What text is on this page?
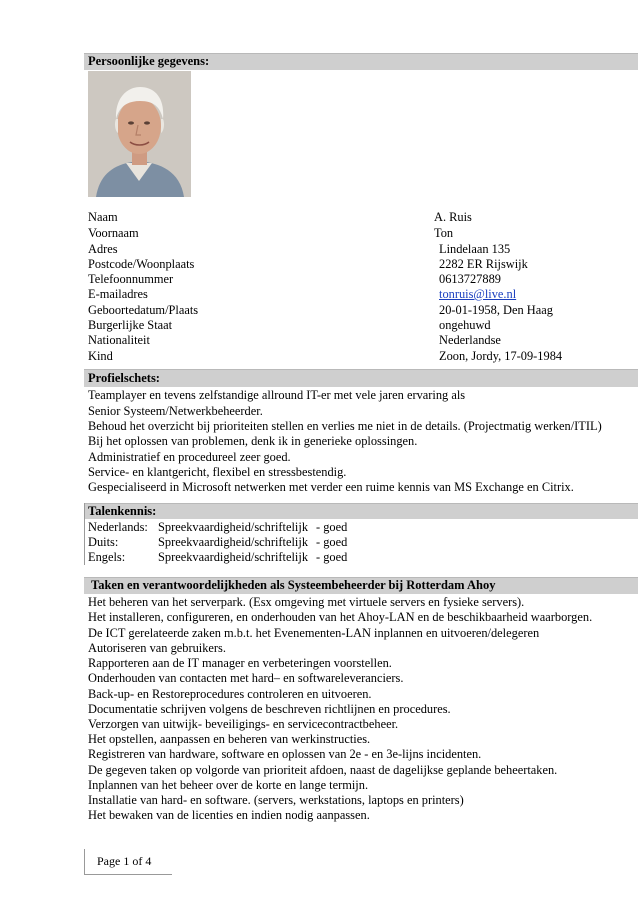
Persoonlijke gegevens:
Naam	A. Ruis
Voornaam	Ton
Adres	Lindelaan 135
Postcode/Woonplaats	2282 ER Rijswijk
Telefoonnummer	0613727889
E-mailadres	tonruis@live.nl
Geboortedatum/Plaats	20-01-1958, Den Haag
Burgerlijke Staat	ongehuwd
Nationaliteit	Nederlandse
Kind	Zoon, Jordy, 17-09-1984
Profielschets:
Teamplayer en tevens zelfstandige allround IT-er met vele jaren ervaring als
Senior Systeem/Netwerkbeheerder.
Behoud het overzicht bij prioriteiten stellen en verlies me niet in de details. (Projectmatig werken/ITIL)
Bij het oplossen van problemen, denk ik in generieke oplossingen.
Administratief en procedureel zeer goed.
Service- en klantgericht, flexibel en stressbestendig.
Gespecialiseerd in Microsoft netwerken met verder een ruime kennis van MS Exchange en Citrix.
Talenkennis:
Nederlands: Spreekvaardigheid/schriftelijk - goed
Duits:	Spreekvaardigheid/schriftelijk - goed
Engels:	Spreekvaardigheid/schriftelijk - goed
Taken en verantwoordelijkheden als Systeembeheerder bij Rotterdam Ahoy
Het beheren van het serverpark. (Esx omgeving met virtuele servers en fysieke servers).
Het installeren, configureren, en onderhouden van het Ahoy-LAN en de beschikbaarheid waarborgen.
De ICT gerelateerde zaken m.b.t. het Evenementen-LAN inplannen en uitvoeren/delegeren
Autoriseren van gebruikers.
Rapporteren aan de IT manager en verbeteringen voorstellen.
Onderhouden van contacten met hard– en softwareleveranciers.
Back-up- en Restoreprocedures controleren en uitvoeren.
Documentatie schrijven volgens de beschreven richtlijnen en procedures.
Verzorgen van uitwijk- beveiligings- en servicecontractbeheer.
Het opstellen, aanpassen en beheren van werkinstructies.
Registreren van hardware, software en oplossen van 2e - en 3e-lijns incidenten.
De gegeven taken op volgorde van prioriteit afdoen, naast de dagelijkse geplande beheertaken.
Inplannen van het beheer over de korte en lange termijn.
Installatie van hard- en software. (servers, werkstations, laptops en printers)
Het bewaken van de licenties en indien nodig aanpassen.
Page 1 of 4
